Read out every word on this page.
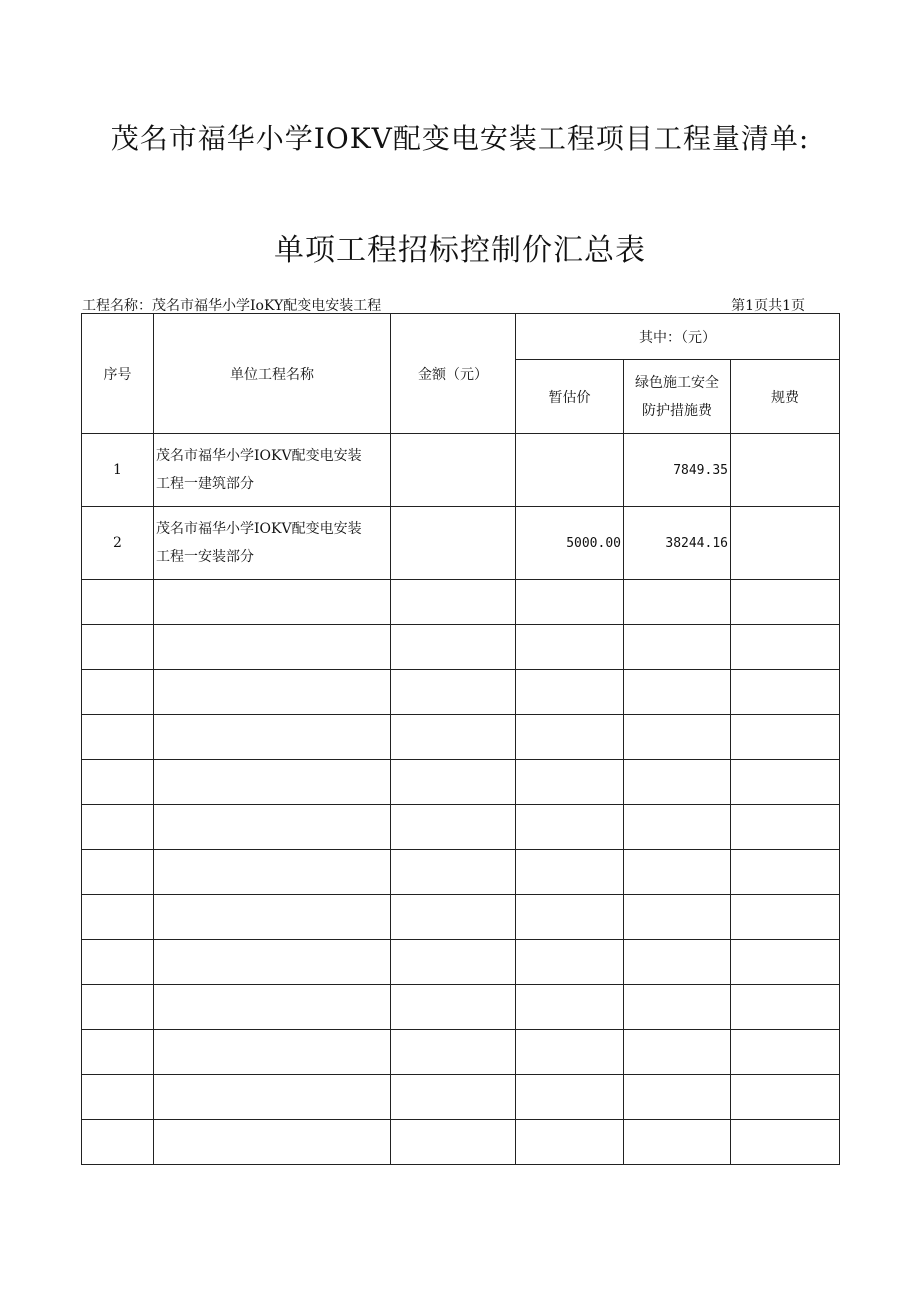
茂名市福华小学IOKV配变电安装工程项目工程量清单:
单项工程招标控制价汇总表
工程名称：茂名市福华小学IoKY配变电安装工程	第1页共1页
序号	单位工程名称	金额（元）	其中：（元）		
			暂估价	绿色施工安全
防护措施费	规费
1	茂名市福华小学IOKV配变电安装
工程一建筑部分			7849.35	
2	茂名市福华小学IOKV配变电安装
工程一安装部分		5000.00	38244.16	
